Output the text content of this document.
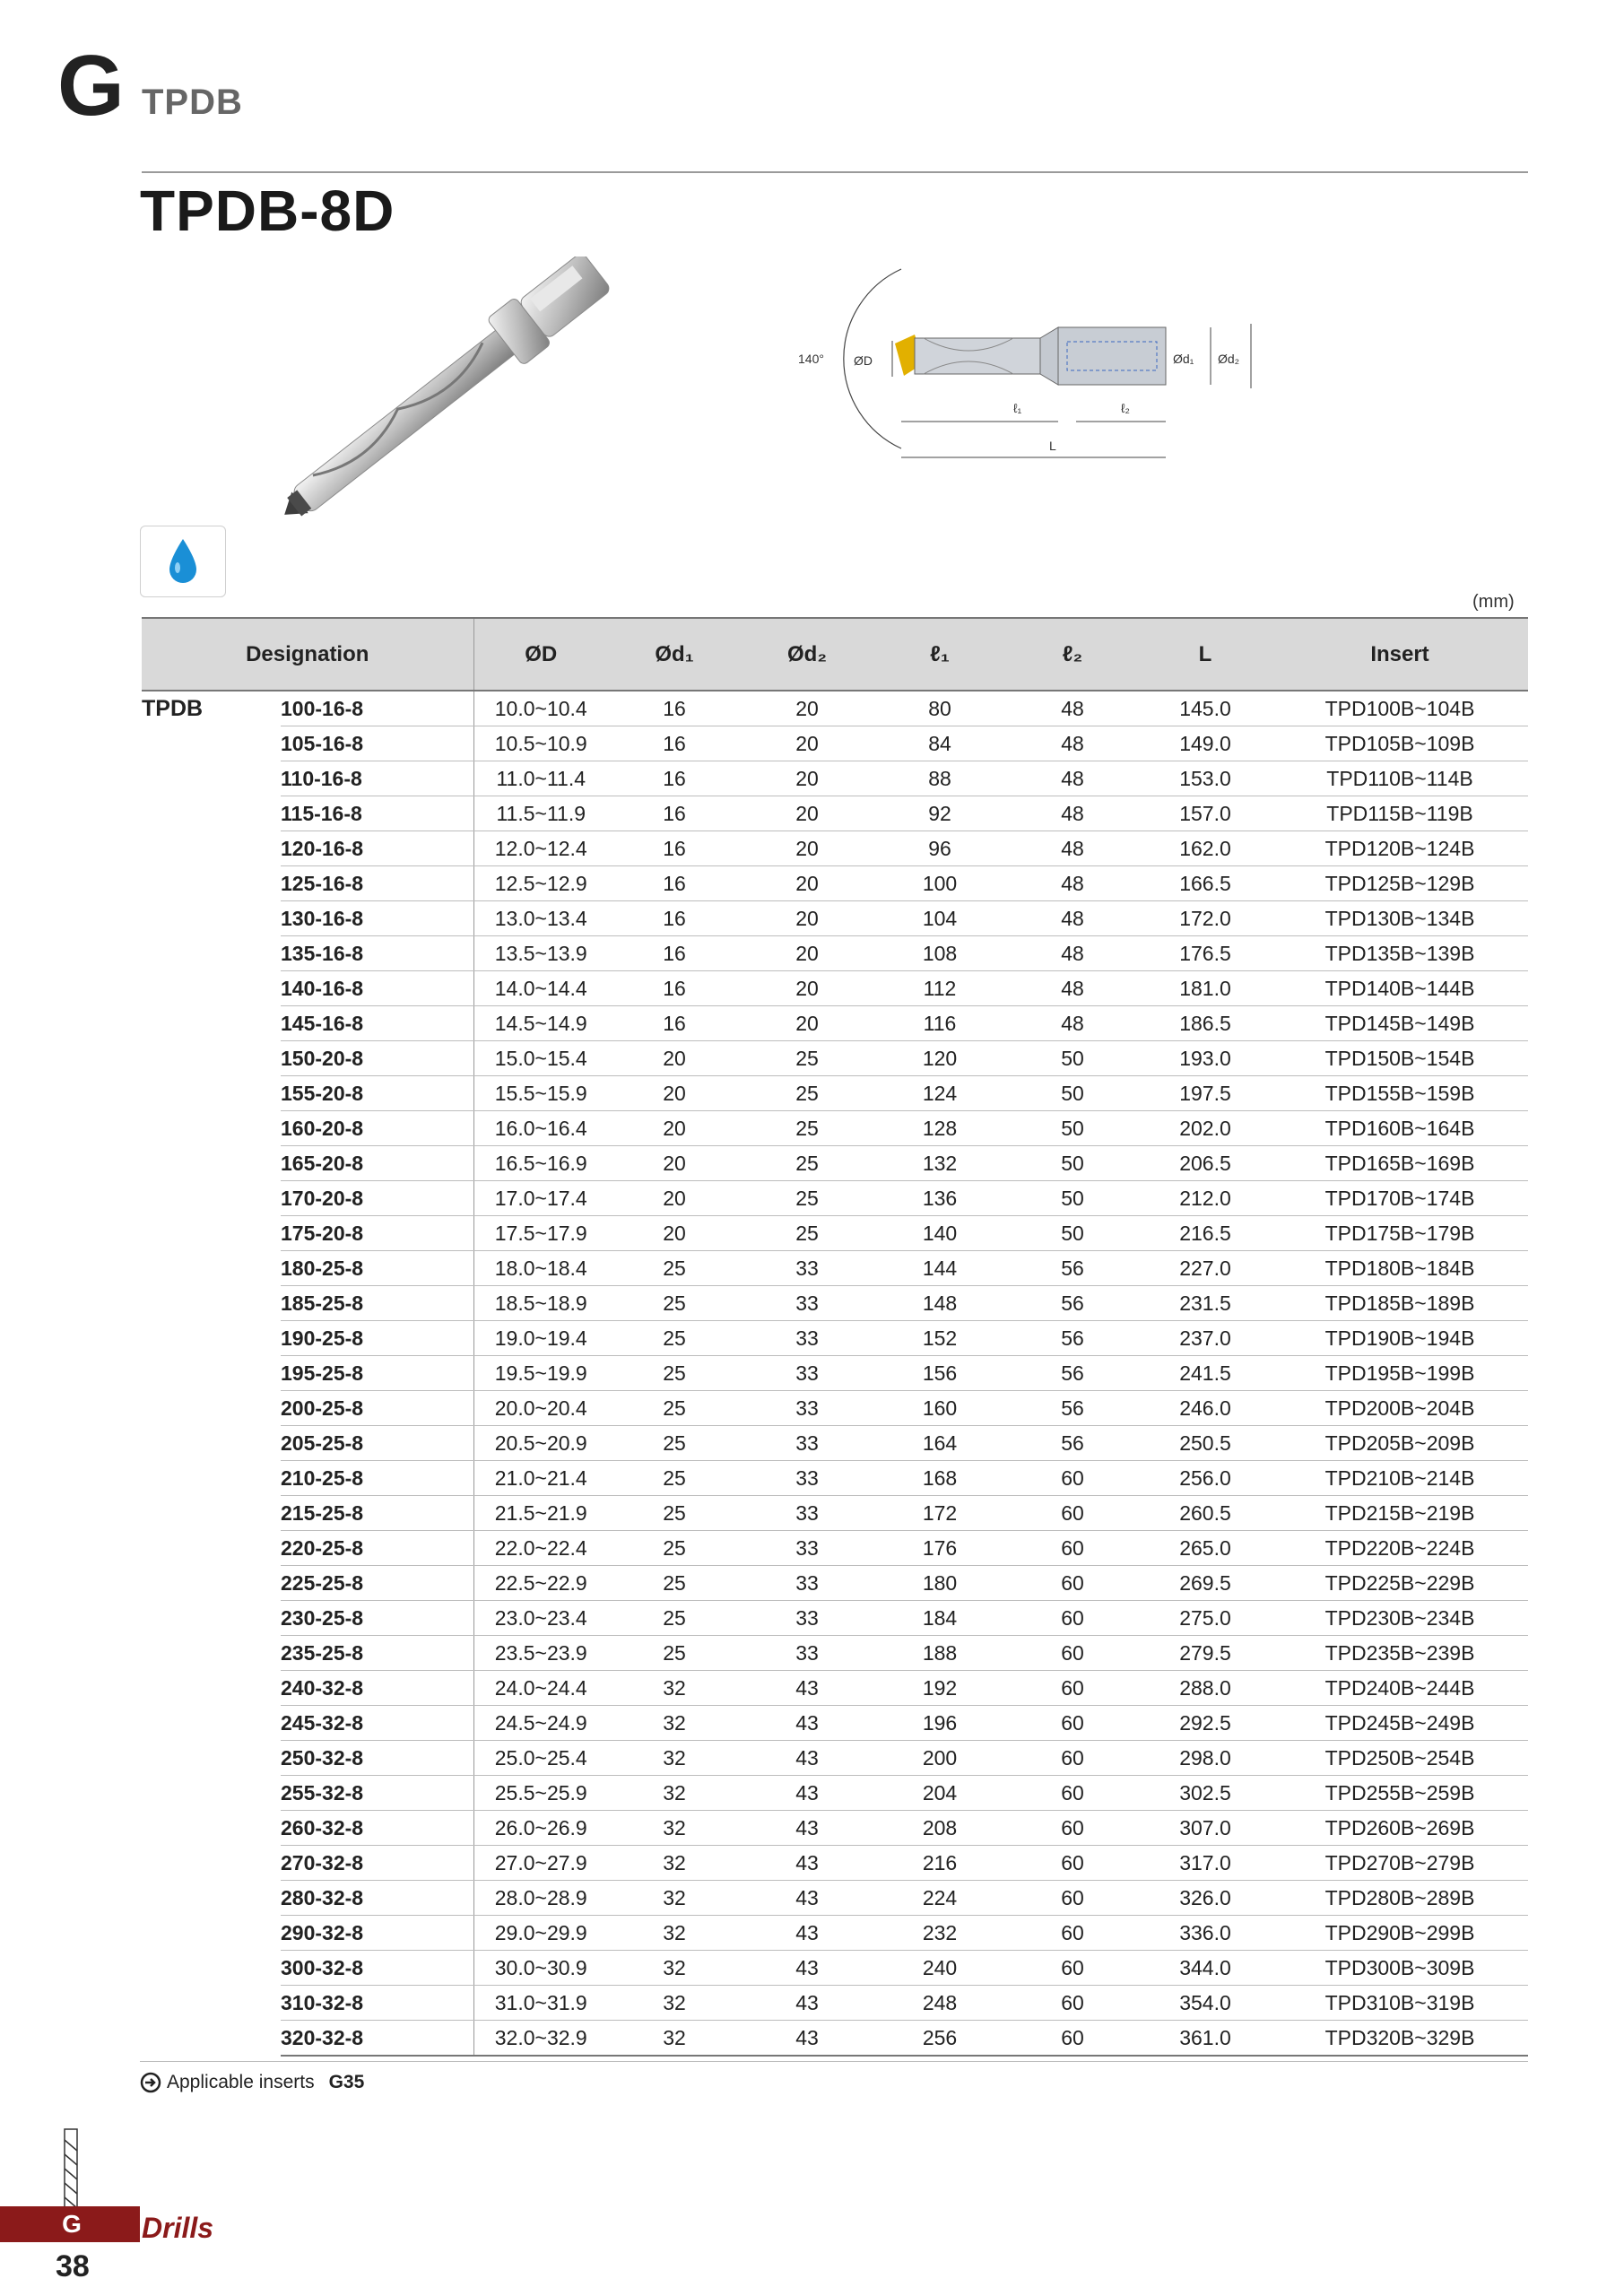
G TPDB
TPDB-8D
140° ØD	Ød₁ Ød₂
ℓ₁	ℓ₂
L
(mm)
Designation		ØD	Ød₁	Ød₂	ℓ₁	ℓ₂	L	Insert
TPDB	100-16-8	10.0~10.4	16	20	80	48	145.0	TPD100B~104B
	105-16-8	10.5~10.9	16	20	84	48	149.0	TPD105B~109B
	110-16-8	11.0~11.4	16	20	88	48	153.0	TPD110B~114B
	115-16-8	11.5~11.9	16	20	92	48	157.0	TPD115B~119B
	120-16-8	12.0~12.4	16	20	96	48	162.0	TPD120B~124B
	125-16-8	12.5~12.9	16	20	100	48	166.5	TPD125B~129B
	130-16-8	13.0~13.4	16	20	104	48	172.0	TPD130B~134B
	135-16-8	13.5~13.9	16	20	108	48	176.5	TPD135B~139B
	140-16-8	14.0~14.4	16	20	112	48	181.0	TPD140B~144B
	145-16-8	14.5~14.9	16	20	116	48	186.5	TPD145B~149B
	150-20-8	15.0~15.4	20	25	120	50	193.0	TPD150B~154B
	155-20-8	15.5~15.9	20	25	124	50	197.5	TPD155B~159B
	160-20-8	16.0~16.4	20	25	128	50	202.0	TPD160B~164B
	165-20-8	16.5~16.9	20	25	132	50	206.5	TPD165B~169B
	170-20-8	17.0~17.4	20	25	136	50	212.0	TPD170B~174B
	175-20-8	17.5~17.9	20	25	140	50	216.5	TPD175B~179B
	180-25-8	18.0~18.4	25	33	144	56	227.0	TPD180B~184B
	185-25-8	18.5~18.9	25	33	148	56	231.5	TPD185B~189B
	190-25-8	19.0~19.4	25	33	152	56	237.0	TPD190B~194B
	195-25-8	19.5~19.9	25	33	156	56	241.5	TPD195B~199B
	200-25-8	20.0~20.4	25	33	160	56	246.0	TPD200B~204B
	205-25-8	20.5~20.9	25	33	164	56	250.5	TPD205B~209B
	210-25-8	21.0~21.4	25	33	168	60	256.0	TPD210B~214B
	215-25-8	21.5~21.9	25	33	172	60	260.5	TPD215B~219B
	220-25-8	22.0~22.4	25	33	176	60	265.0	TPD220B~224B
	225-25-8	22.5~22.9	25	33	180	60	269.5	TPD225B~229B
	230-25-8	23.0~23.4	25	33	184	60	275.0	TPD230B~234B
	235-25-8	23.5~23.9	25	33	188	60	279.5	TPD235B~239B
	240-32-8	24.0~24.4	32	43	192	60	288.0	TPD240B~244B
	245-32-8	24.5~24.9	32	43	196	60	292.5	TPD245B~249B
	250-32-8	25.0~25.4	32	43	200	60	298.0	TPD250B~254B
	255-32-8	25.5~25.9	32	43	204	60	302.5	TPD255B~259B
	260-32-8	26.0~26.9	32	43	208	60	307.0	TPD260B~269B
	270-32-8	27.0~27.9	32	43	216	60	317.0	TPD270B~279B
	280-32-8	28.0~28.9	32	43	224	60	326.0	TPD280B~289B
	290-32-8	29.0~29.9	32	43	232	60	336.0	TPD290B~299B
	300-32-8	30.0~30.9	32	43	240	60	344.0	TPD300B~309B
	310-32-8	31.0~31.9	32	43	248	60	354.0	TPD310B~319B
	320-32-8	32.0~32.9	32	43	256	60	361.0	TPD320B~329B
Applicable inserts G35
G	Drills
38
